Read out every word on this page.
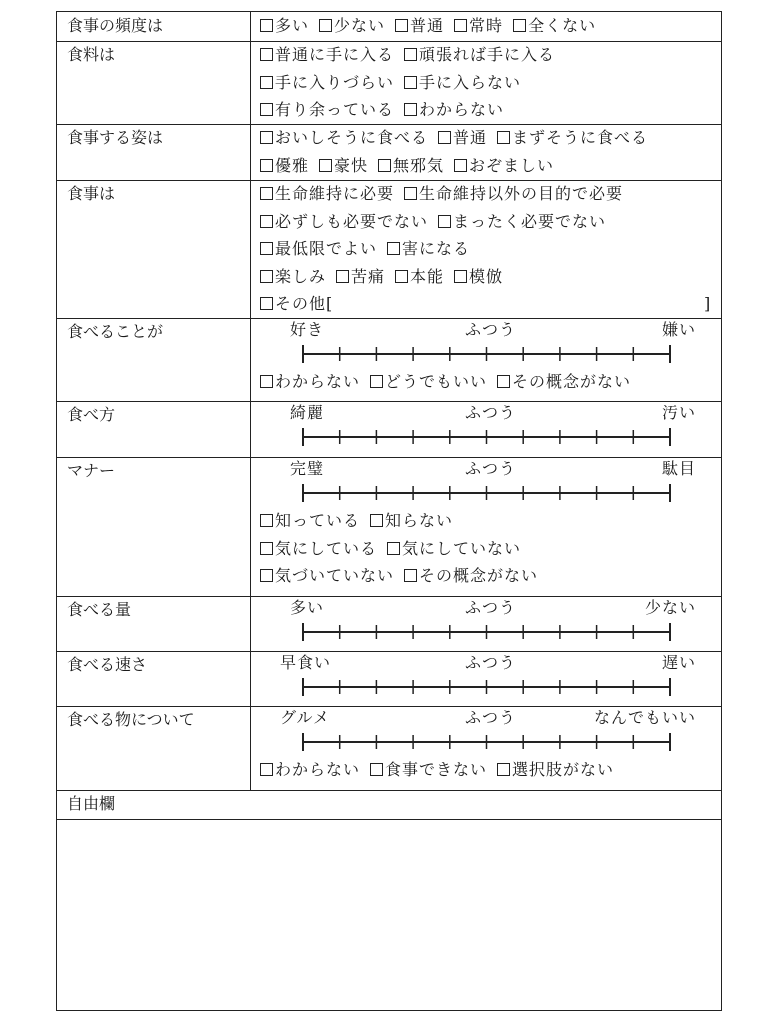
自由欄
食事の頻度は	多い 少ない 普通 常時 全くない
食料は	普通に手に入る 頑張れば手に入る
手に入りづらい 手に入らない
有り余っている わからない
食事する姿は	おいしそうに食べる 普通 まずそうに食べる
優雅 豪快 無邪気 おぞましい
食事は	生命維持に必要 生命維持以外の目的で必要
必ずしも必要でない まったく必要でない
最低限でよい 害になる
楽しみ 苦痛 本能 模倣
その他[	]
食べることが	好き	ふつう	嫌い
わからない どうでもいい その概念がない
食べ方	綺麗	ふつう	汚い
マナー	完璧	ふつう	駄目
知っている 知らない
気にしている 気にしていない
気づいていない その概念がない
食べる量	多い	ふつう	少ない
食べる速さ	早食い	ふつう	遅い
食べる物について	グルメ	ふつう	なんでもいい
わからない 食事できない 選択肢がない
